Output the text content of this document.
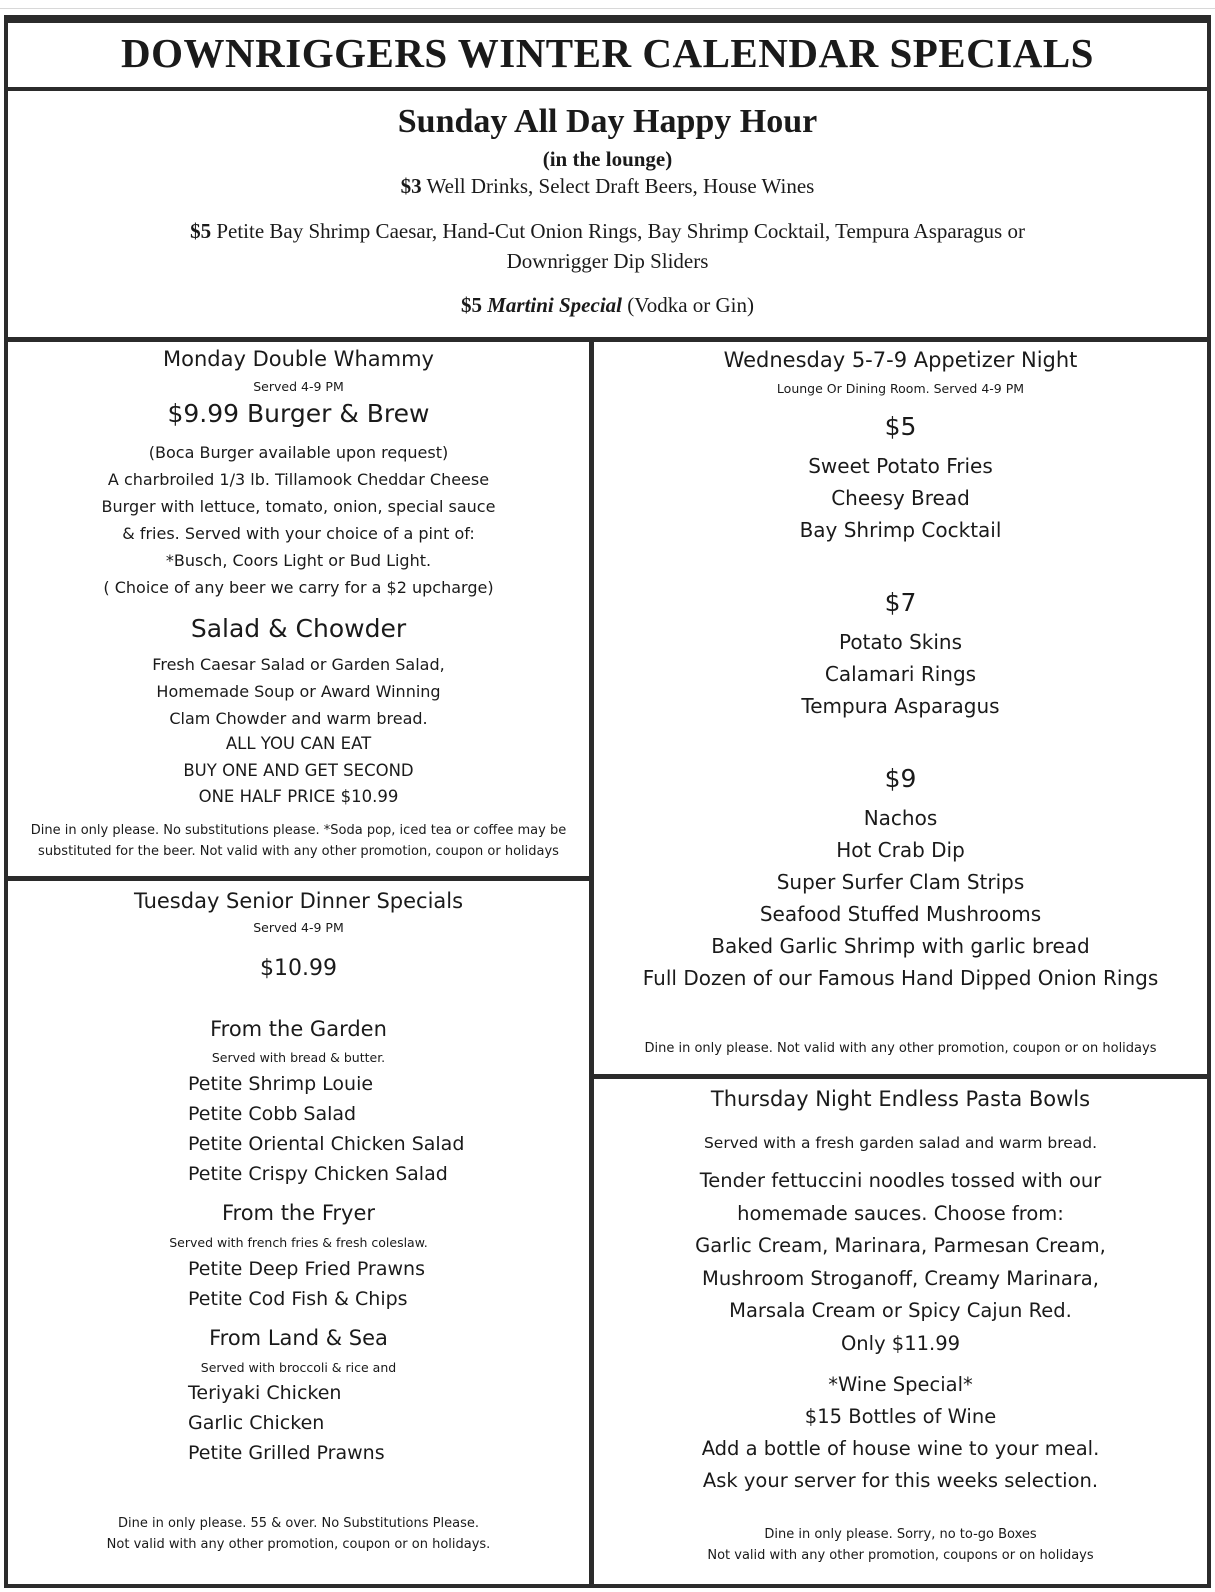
DOWNRIGGERS WINTER CALENDAR SPECIALS
Sunday All Day Happy Hour
(in the lounge)
$3 Well Drinks, Select Draft Beers, House Wines
$5 Petite Bay Shrimp Caesar, Hand-Cut Onion Rings, Bay Shrimp Cocktail, Tempura Asparagus or
Downrigger Dip Sliders
$5 Martini Special (Vodka or Gin)
Monday Double Whammy
Served 4-9 PM
$9.99 Burger & Brew
(Boca Burger available upon request)
A charbroiled 1/3 lb. Tillamook Cheddar Cheese
Burger with lettuce, tomato, onion, special sauce
& fries. Served with your choice of a pint of:
*Busch, Coors Light or Bud Light.
( Choice of any beer we carry for a $2 upcharge)
Salad & Chowder
Fresh Caesar Salad or Garden Salad,
Homemade Soup or Award Winning
Clam Chowder and warm bread.
ALL YOU CAN EAT
BUY ONE AND GET SECOND
ONE HALF PRICE $10.99
Dine in only please. No substitutions please. *Soda pop, iced tea or coffee may be
substituted for the beer. Not valid with any other promotion, coupon or holidays
Tuesday Senior Dinner Specials
Served 4-9 PM
$10.99
From the Garden
Served with bread & butter.
Petite Shrimp Louie
Petite Cobb Salad
Petite Oriental Chicken Salad
Petite Crispy Chicken Salad
From the Fryer
Served with french fries & fresh coleslaw.
Petite Deep Fried Prawns
Petite Cod Fish & Chips
From Land & Sea
Served with broccoli & rice and
Teriyaki Chicken
Garlic Chicken
Petite Grilled Prawns
Dine in only please. 55 & over. No Substitutions Please.
Not valid with any other promotion, coupon or on holidays.
Wednesday 5-7-9 Appetizer Night
Lounge Or Dining Room. Served 4-9 PM
$5
Sweet Potato Fries
Cheesy Bread
Bay Shrimp Cocktail
$7
Potato Skins
Calamari Rings
Tempura Asparagus
$9
Nachos
Hot Crab Dip
Super Surfer Clam Strips
Seafood Stuffed Mushrooms
Baked Garlic Shrimp with garlic bread
Full Dozen of our Famous Hand Dipped Onion Rings
Dine in only please. Not valid with any other promotion, coupon or on holidays
Thursday Night Endless Pasta Bowls
Served with a fresh garden salad and warm bread.
Tender fettuccini noodles tossed with our
homemade sauces. Choose from:
Garlic Cream, Marinara, Parmesan Cream,
Mushroom Stroganoff, Creamy Marinara,
Marsala Cream or Spicy Cajun Red.
Only $11.99
*Wine Special*
$15 Bottles of Wine
Add a bottle of house wine to your meal.
Ask your server for this weeks selection.
Dine in only please. Sorry, no to-go Boxes
Not valid with any other promotion, coupons or on holidays
